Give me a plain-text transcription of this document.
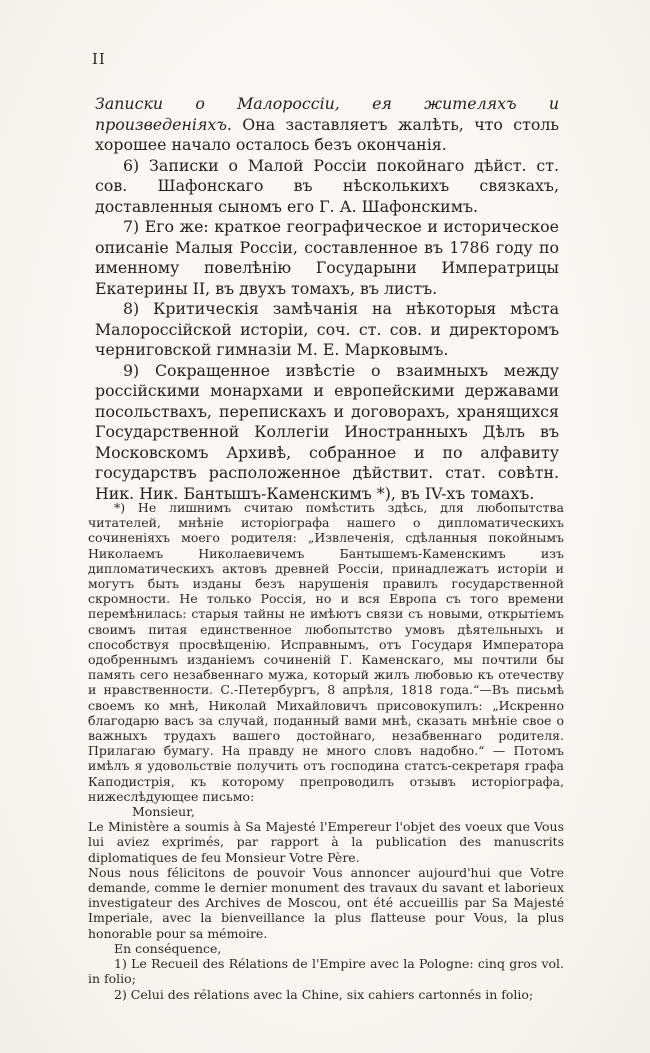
II

Записки о Малороссіи, ея жителяхъ и произведеніяхъ. Она заставляетъ жалѣть, что столь хорошее начало осталось безъ окончанія.

6) Записки о Малой Россіи покойнаго дѣйст. ст. сов. Шафонскаго въ нѣсколькихъ связкахъ, доставленныя сыномъ его Г. А. Шафонскимъ.

7) Его же: краткое географическое и историческое описаніе Малыя Россіи, составленное въ 1786 году по именному повелѣнію Государыни Императрицы Екатерины II, въ двухъ томахъ, въ листъ.

8) Критическія замѣчанія на нѣкоторыя мѣста Малороссійской исторіи, соч. ст. сов. и директоромъ черниговской гимназіи М. Е. Марковымъ.

9) Сокращенное извѣстіе о взаимныхъ между россійскими монархами и европейскими державами посольствахъ, перепискахъ и договорахъ, хранящихся Государственной Коллегіи Иностранныхъ Дѣлъ въ Московскомъ Архивѣ, собранное и по алфавиту государствъ расположенное дѣйствит. стат. совѣтн. Ник. Ник. Бантышъ-Каменскимъ *), въ IV-хъ томахъ.

*) Не лишнимъ считаю помѣстить здѣсь, для любопытства читателей, мнѣніе исторіографа нашего о дипломатическихъ сочиненіяхъ моего родителя: „Извлеченія, сдѣланныя покойнымъ Николаемъ Николаевичемъ Бантышемъ-Каменскимъ изъ дипломатическихъ актовъ древней Россіи, принадлежатъ исторіи и могутъ быть изданы безъ нарушенія правилъ государственной скромности. Не только Россія, но и вся Европа съ того времени перемѣнилась: старыя тайны не имѣютъ связи съ новыми, открытіемъ своимъ питая единственное любопытство умовъ дѣятельныхъ и способствуя просвѣщенію. Исправнымъ, отъ Государя Императора одобреннымъ изданіемъ сочиненій Г. Каменскаго, мы почтили бы память сего незабвеннаго мужа, который жилъ любовью къ отечеству и нравственности. С.-Петербургъ, 8 апрѣля, 1818 года.“—Въ письмѣ своемъ ко мнѣ, Николай Михайловичъ присовокупилъ: „Искренно благодарю васъ за случай, поданный вами мнѣ, сказать мнѣніе свое о важныхъ трудахъ вашего достойнаго, незабвеннаго родителя. Прилагаю бумагу. На правду не много словъ надобно.“ — Потомъ имѣлъ я удовольствіе получить отъ господина статсъ-секретаря графа Каподистрія, къ которому препроводилъ отзывъ исторіографа, нижеслѣдующее письмо:

Monsieur,

Le Ministère a soumis à Sa Majesté l'Empereur l'objet des voeux que Vous lui aviez exprimés, par rapport à la publication des manuscrits diplomatiques de feu Monsieur Votre Père.

Nous nous félicitons de pouvoir Vous annoncer aujourd'hui que Votre demande, comme le dernier monument des travaux du savant et laborieux investigateur des Archives de Moscou, ont été accueillis par Sa Majesté Imperiale, avec la bienveillance la plus flatteuse pour Vous, la plus honorable pour sa mémoire.

En conséquence,

1) Le Recueil des Rélations de l'Empire avec la Pologne: cinq gros vol. in folio;

2) Celui des rélations avec la Chine, six cahiers cartonnés in folio;
